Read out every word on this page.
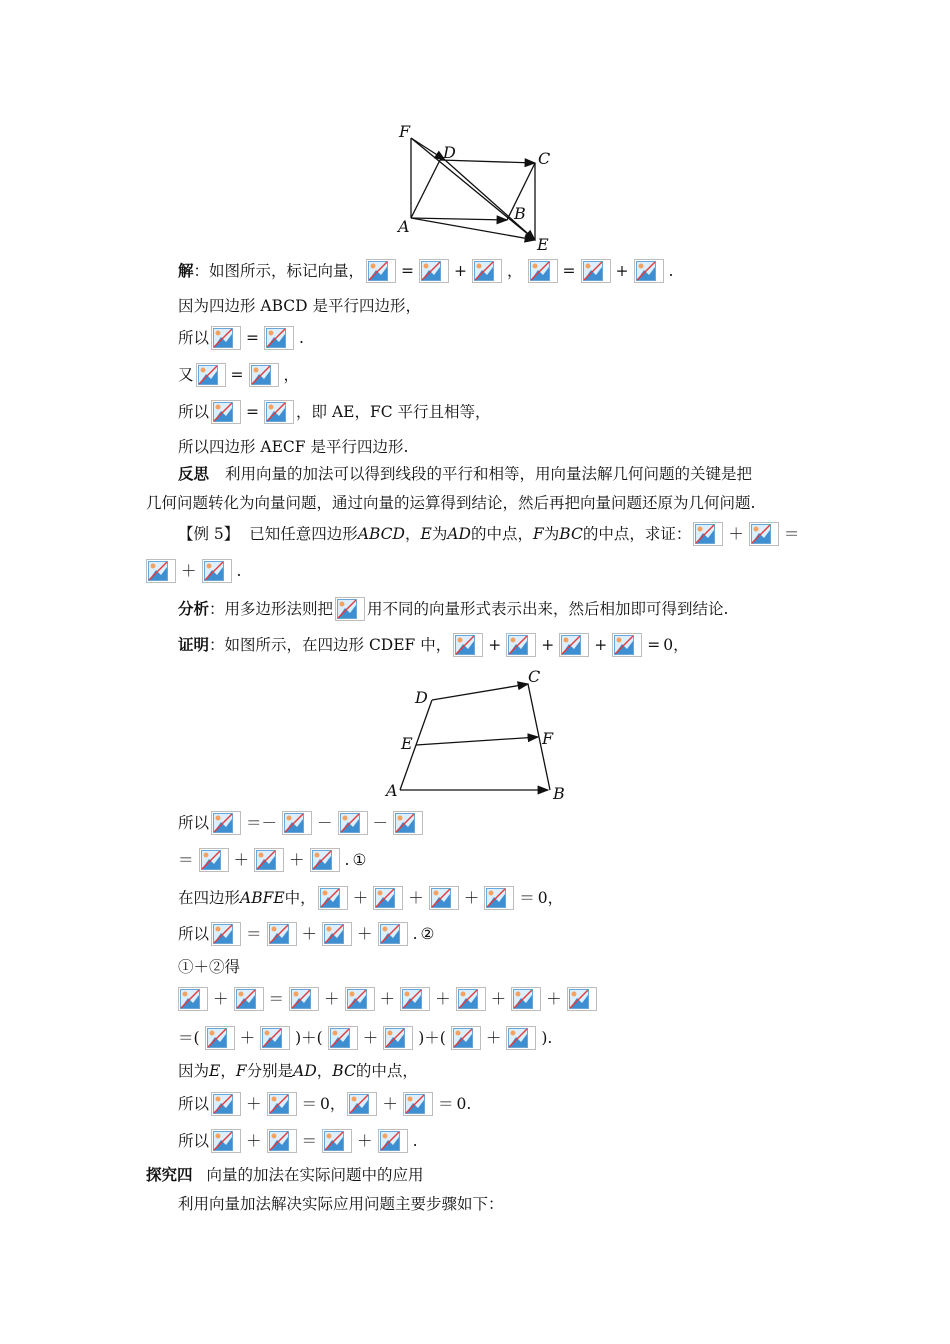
F
D	C
B
A
E
解 ：如图所示，标记向量， =	+	，	=	+	.
因为四边形 ABCD 是平行四边形，
所以 =	.
又 =	，
所以 = ，即 AE，FC 平行且相等，
所以四边形 AECF 是平行四边形.
反思 利用向量的加法可以得到线段的平行和相等，用向量法解几何问题的关键是把
几何问题转化为向量问题，通过向量的运算得到结论，然后再把向量问题还原为几何问题.
【例 5】 已知任意四边形 ABCD ， E 为 AD 的中点， F 为 BC 的中点，求证： ＋	＝
＋	.
分析 ：用多边形法则把 用不同的向量形式表示出来，然后相加即可得到结论.
证明 ：如图所示，在四边形 CDEF 中， +	+	+	= 0，
D
C
E	F
A	B
所以 ＝－	－	－
＝	＋	＋	. ①
在四边形 ABFE 中， ＋	＋	＋	＝ 0，
所以 ＝	＋	＋	. ②
①＋②得
＋	＝	＋	＋	＋	＋	＋
＝(	＋	)＋(	＋	)＋(	＋	).
因为 E ， F 分别是 AD ， BC 的中点，
所以 ＋	＝ 0， ＋	＝ 0.
所以 ＋	＝	＋	.
探究四 向量的加法在实际问题中的应用
利用向量加法解决实际应用问题主要步骤如下：
